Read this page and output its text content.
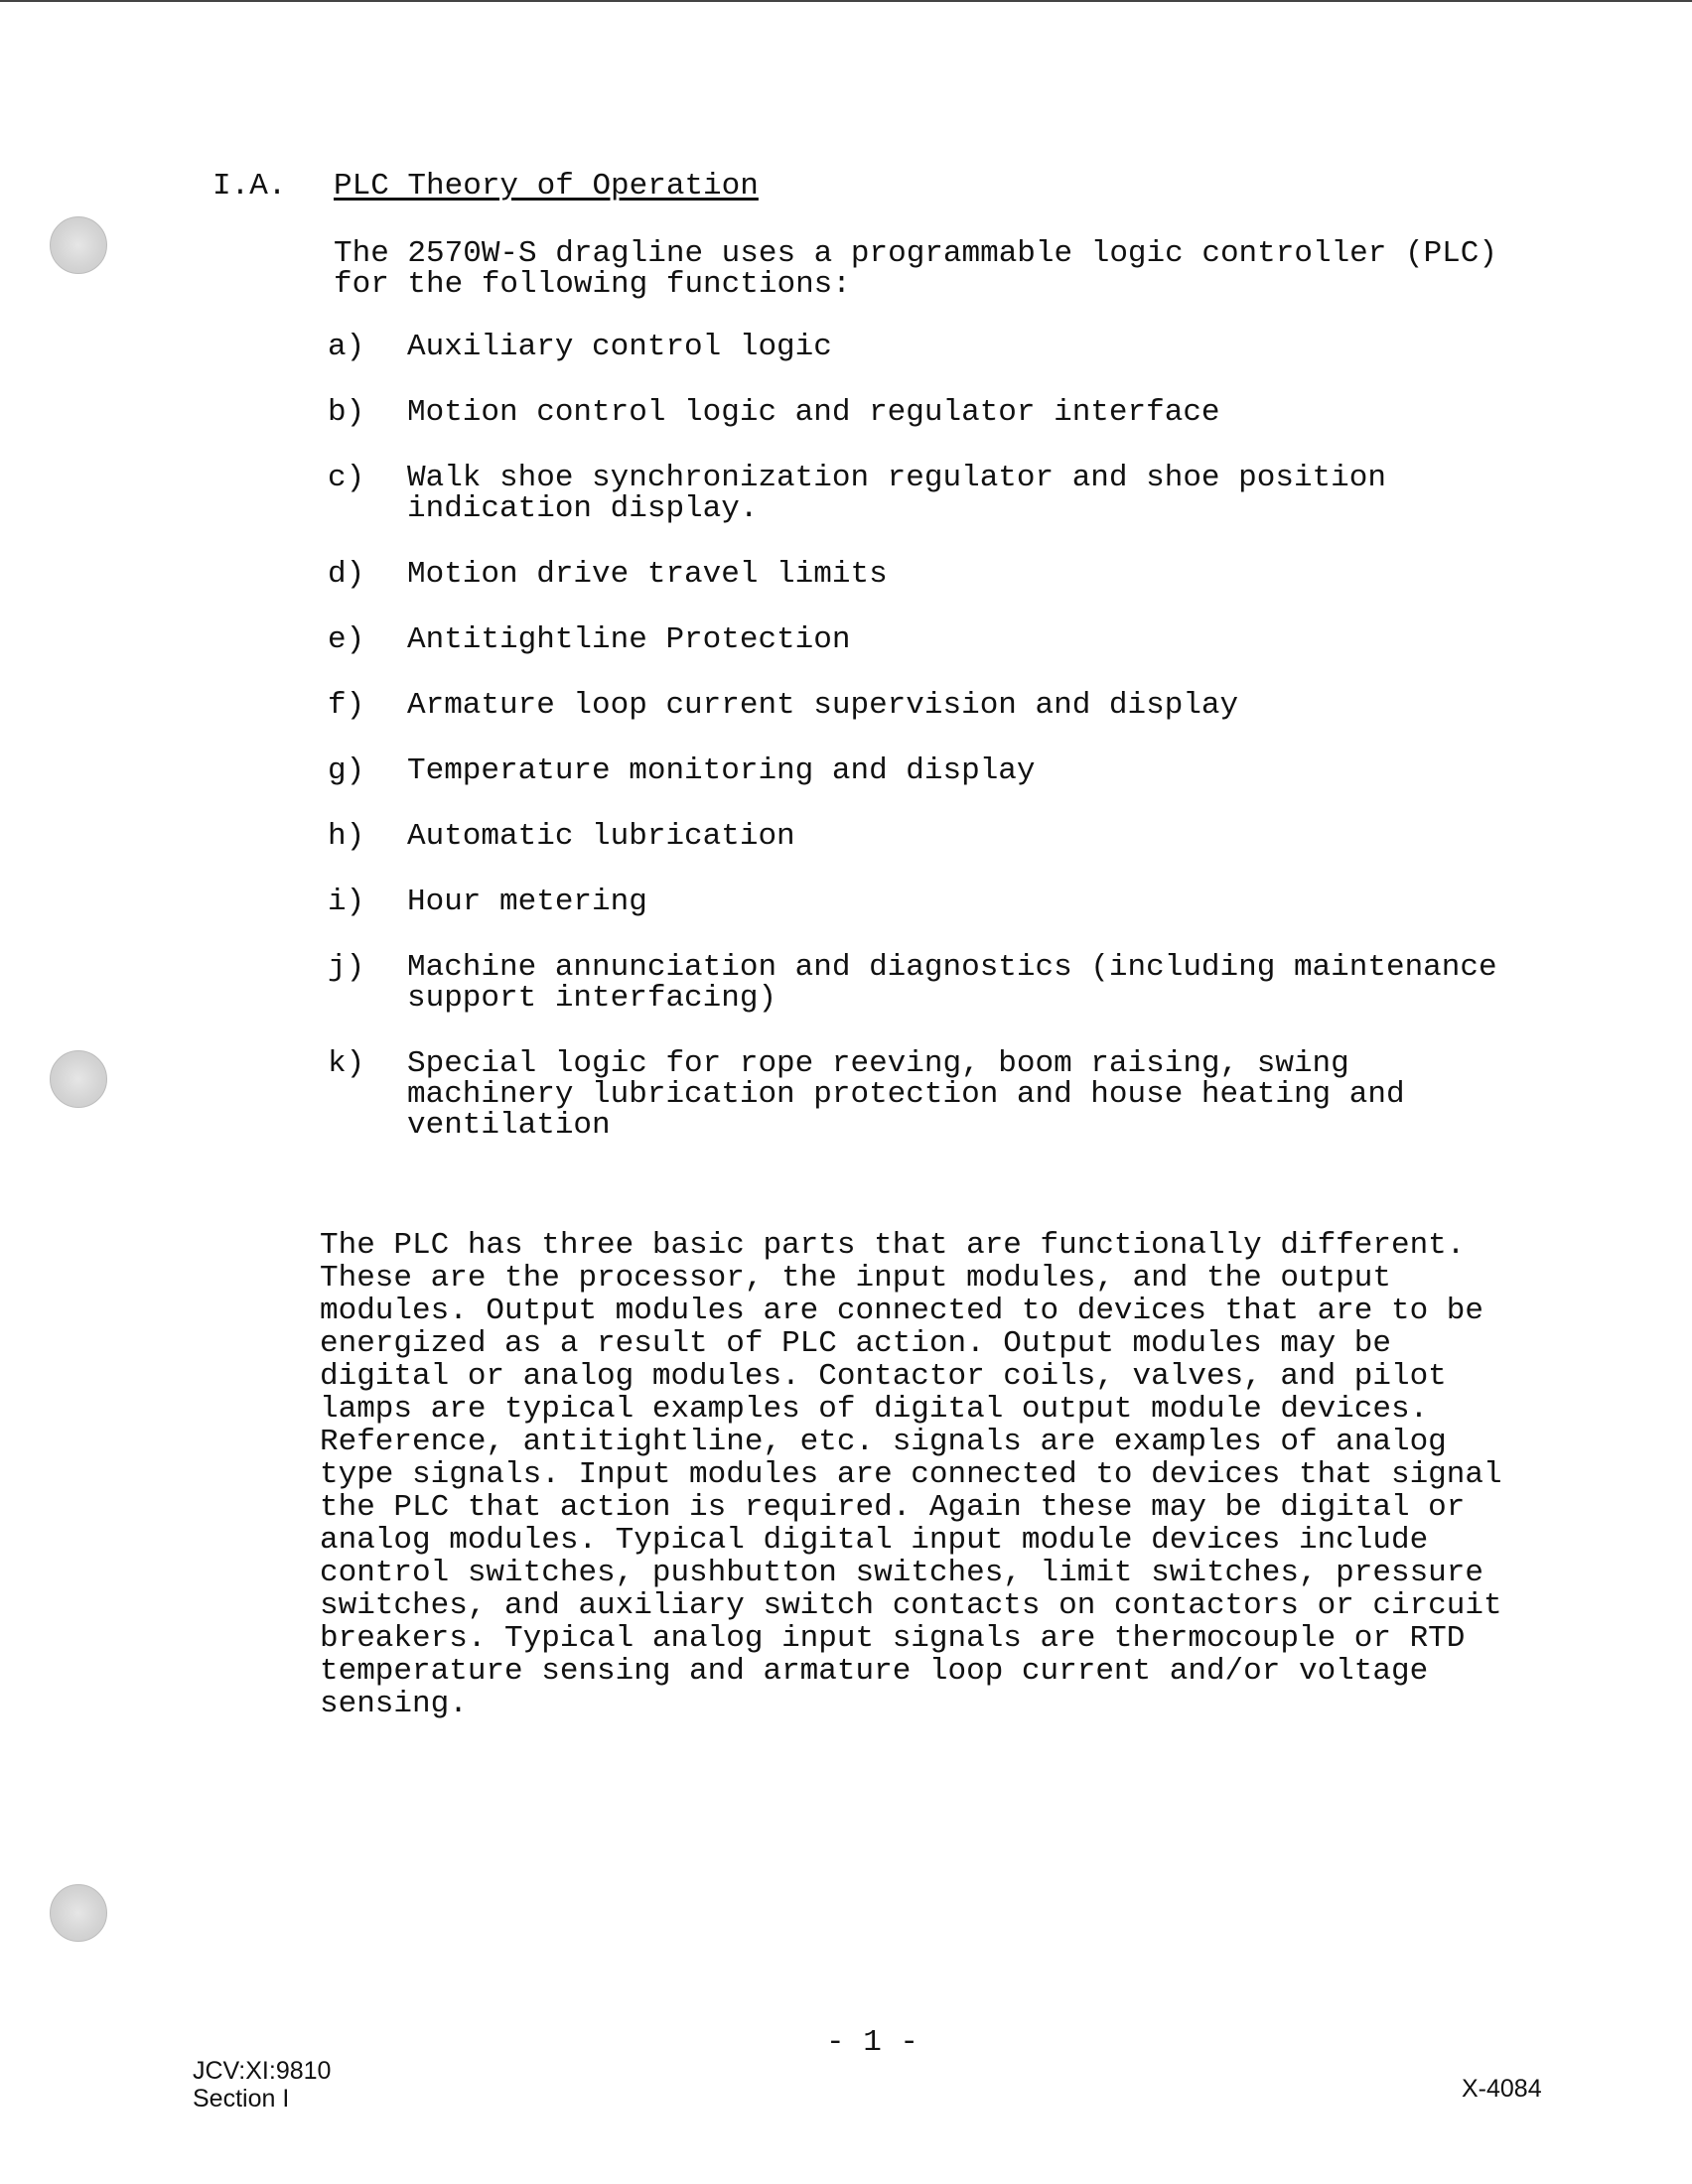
I.A. PLC Theory of Operation

The 2570W-S dragline uses a programmable logic controller (PLC) for the following functions:

a)	Auxiliary control logic
b)	Motion control logic and regulator interface
c)	Walk shoe synchronization regulator and shoe position indication display.
d)	Motion drive travel limits
e)	Antitightline Protection
f)	Armature loop current supervision and display
g)	Temperature monitoring and display
h)	Automatic lubrication
i)	Hour metering
j)	Machine annunciation and diagnostics (including maintenance support interfacing)
k)	Special logic for rope reeving, boom raising, swing machinery lubrication protection and house heating and ventilation

The PLC has three basic parts that are functionally different. These are the processor, the input modules, and the output modules. Output modules are connected to devices that are to be energized as a result of PLC action. Output modules may be digital or analog modules. Contactor coils, valves, and pilot lamps are typical examples of digital output module devices. Reference, antitightline, etc. signals are examples of analog type signals. Input modules are connected to devices that signal the PLC that action is required. Again these may be digital or analog modules. Typical digital input module devices include control switches, pushbutton switches, limit switches, pressure switches, and auxiliary switch contacts on contactors or circuit breakers. Typical analog input signals are thermocouple or RTD temperature sensing and armature loop current and/or voltage sensing.

- 1 -
JCV:XI:9810
Section I	X-4084
